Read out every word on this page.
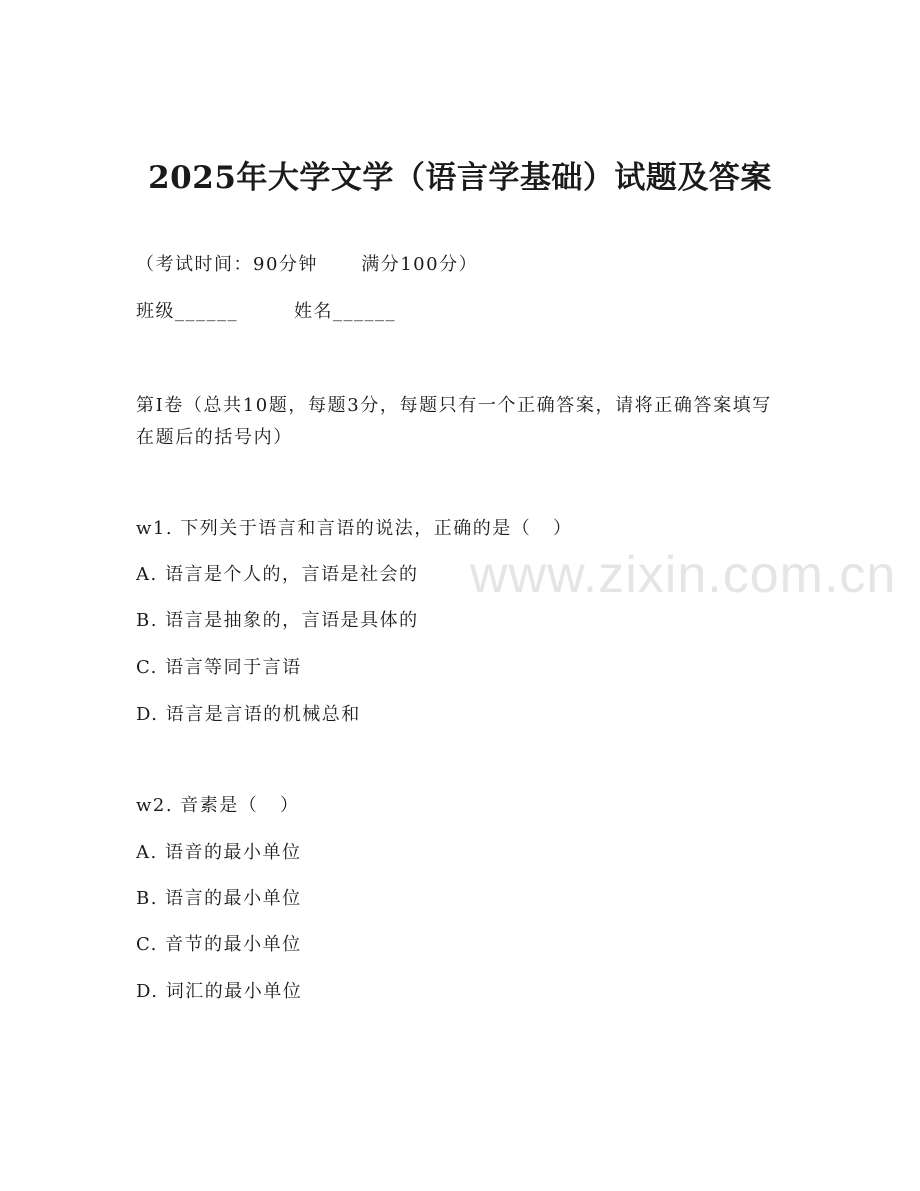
2025年大学文学（语言学基础）试题及答案
（考试时间：90分钟      满分100分）
班级______	姓名______
第I卷（总共10题，每题3分，每题只有一个正确答案，请将正确答案填写在题后的括号内）
w1. 下列关于语言和言语的说法，正确的是（   ）
A. 语言是个人的，言语是社会的
B. 语言是抽象的，言语是具体的
C. 语言等同于言语
D. 语言是言语的机械总和
w2. 音素是（   ）
A. 语音的最小单位
B. 语言的最小单位
C. 音节的最小单位
D. 词汇的最小单位
www.zixin.com.cn
